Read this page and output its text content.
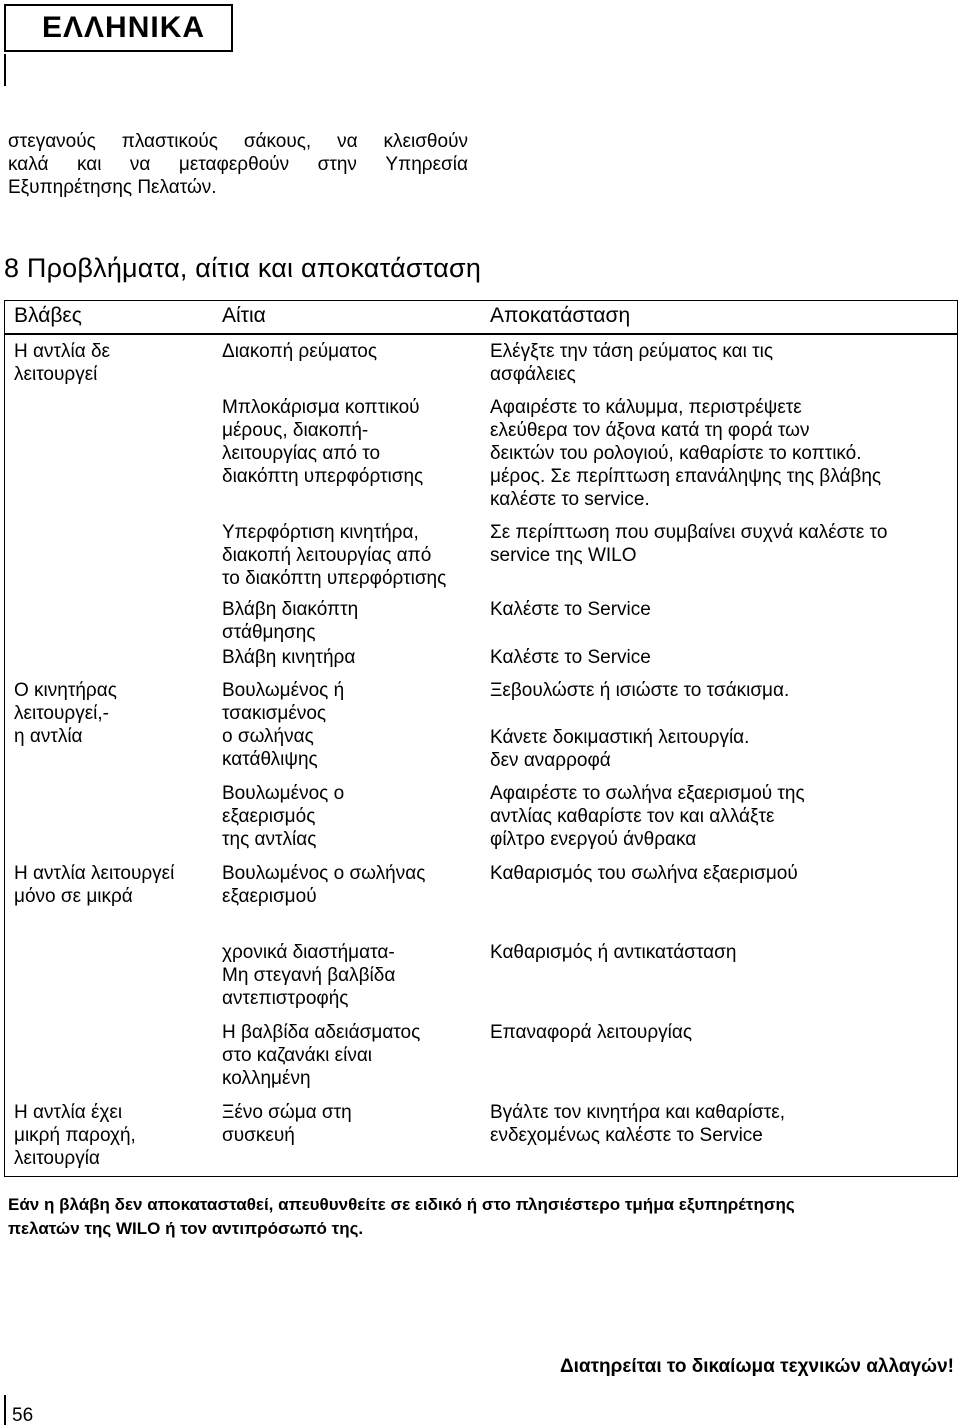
ΕΛΛΗΝΙΚΑ
στεγανούς πλαστικούς σάκους, να κλεισθούν
καλά και να μεταφερθούν στην Υπηρεσία
Εξυπηρέτησης Πελατών.
8 Προβλήματα, αίτια και αποκατάσταση
Βλάβες	Αίτια	Αποκατάσταση
Η αντλία δε
λειτουργεί
Ο κινητήρας
λειτουργεί,-
η αντλία
Η αντλία λειτουργεί
μόνο σε μικρά
Η αντλία έχει
μικρή παροχή,
λειτουργία
Διακοπή ρεύματος
Μπλοκάρισμα κοπτικού
μέρους, διακοπή-
λειτουργίας από το
διακόπτη υπερφόρτισης
Υπερφόρτιση κινητήρα,
διακοπή λειτουργίας από
το διακόπτη υπερφόρτισης
Βλάβη διακόπτη
στάθμησης
Βλάβη κινητήρα
Βουλωμένος ή
τσακισμένος
ο σωλήνας
κατάθλιψης
Βουλωμένος ο
εξαερισμός
της αντλίας
Βουλωμένος ο σωλήνας
εξαερισμού
χρονικά διαστήματα-
Μη στεγανή βαλβίδα
αντεπιστροφής
Η βαλβίδα αδειάσματος
στο καζανάκι είναι
κολλημένη
Ξένο σώμα στη
συσκευή
Ελέγξτε την τάση ρεύματος και τις
ασφάλειες
Αφαιρέστε το κάλυμμα, περιστρέψετε
ελεύθερα τον άξονα κατά τη φορά των
δεικτών του ρολογιού, καθαρίστε το κοπτικό.
μέρος. Σε περίπτωση επανάληψης της βλάβης
καλέστε το service.
Σε περίπτωση που συμβαίνει συχνά καλέστε το
service της WILO
Καλέστε το Service
Καλέστε το Service
Ξεβουλώστε ή ισιώστε το τσάκισμα.
Κάνετε δοκιμαστική λειτουργία.
δεν αναρροφά
Αφαιρέστε το σωλήνα εξαερισμού της
αντλίας καθαρίστε τον και αλλάξτε
φίλτρο ενεργού άνθρακα
Καθαρισμός του σωλήνα εξαερισμού
Καθαρισμός ή αντικατάσταση
Επαναφορά λειτουργίας
Βγάλτε τον κινητήρα και καθαρίστε,
ενδεχομένως καλέστε το Service
Εάν η βλάβη δεν αποκατασταθεί, απευθυνθείτε σε ειδικό ή στο πλησιέστερο τμήμα εξυπηρέτησης
πελατών της WILO ή τον αντιπρόσωπό της.
Διατηρείται το δικαίωμα τεχνικών αλλαγών!
56
